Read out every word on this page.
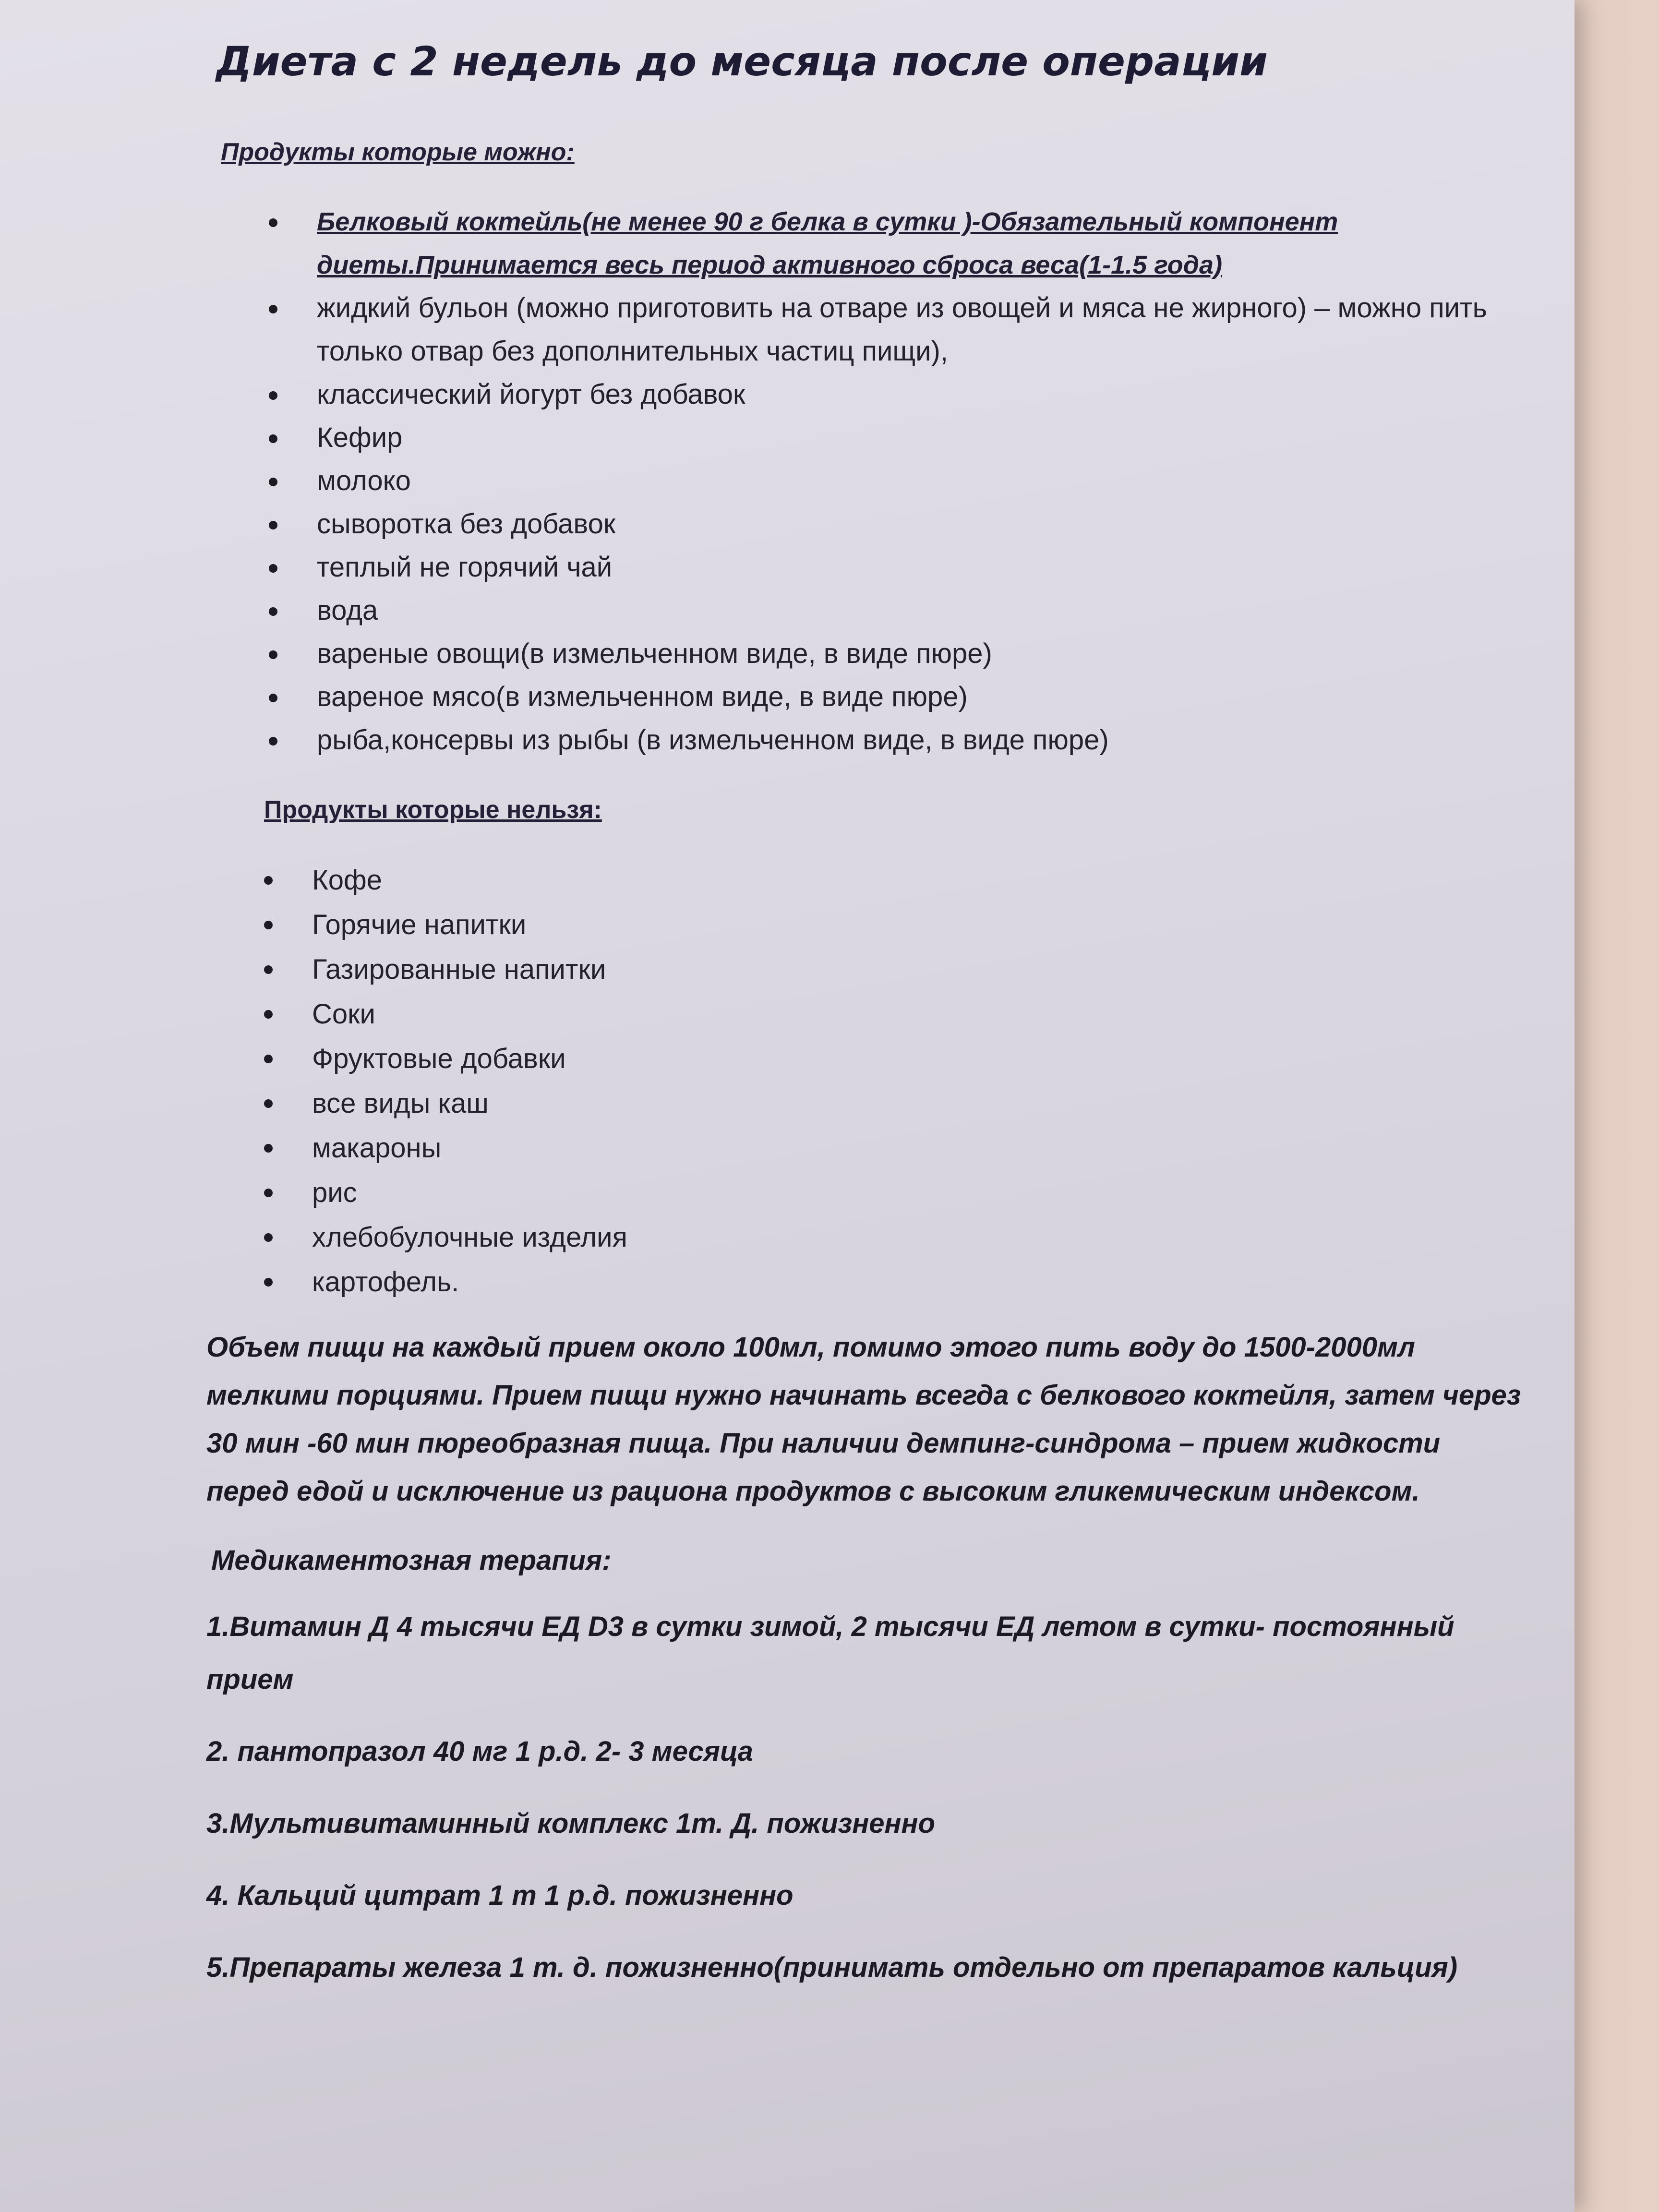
Диета с 2 недель до месяца после операции
Продукты которые можно:
Белковый коктейль(не менее 90 г белка в сутки )-Обязательный компонент диеты.Принимается весь период активного сброса веса(1-1.5 года)
жидкий бульон (можно приготовить на отваре из овощей и мяса не жирного) – можно пить только отвар без дополнительных частиц пищи),
классический йогурт без добавок
Кефир
молоко
сыворотка без добавок
теплый не горячий чай
вода
вареные овощи(в измельченном виде, в виде пюре)
вареное мясо(в измельченном виде, в виде пюре)
рыба,консервы из рыбы (в измельченном виде, в виде пюре)
Продукты которые нельзя:
Кофе
Горячие напитки
Газированные напитки
Соки
Фруктовые добавки
все виды каш
макароны
рис
хлебобулочные изделия
картофель.

Объем пищи на каждый прием около 100мл, помимо этого пить воду до 1500-2000мл мелкими порциями. Прием пищи нужно начинать всегда с белкового коктейля, затем через 30 мин -60 мин пюреобразная пища. При наличии демпинг-синдрома – прием жидкости перед едой и исключение из рациона продуктов с высоким гликемическим индексом.

Медикаментозная терапия:
1.Витамин Д 4 тысячи ЕД D3 в сутки зимой, 2 тысячи ЕД летом в сутки- постоянный прием
2. пантопразол 40 мг 1 р.д. 2- 3 месяца
3.Мультивитаминный комплекс 1т. Д. пожизненно
4. Кальций цитрат 1 т 1 р.д. пожизненно
5.Препараты железа 1 т. д. пожизненно(принимать отдельно от препаратов кальция)
